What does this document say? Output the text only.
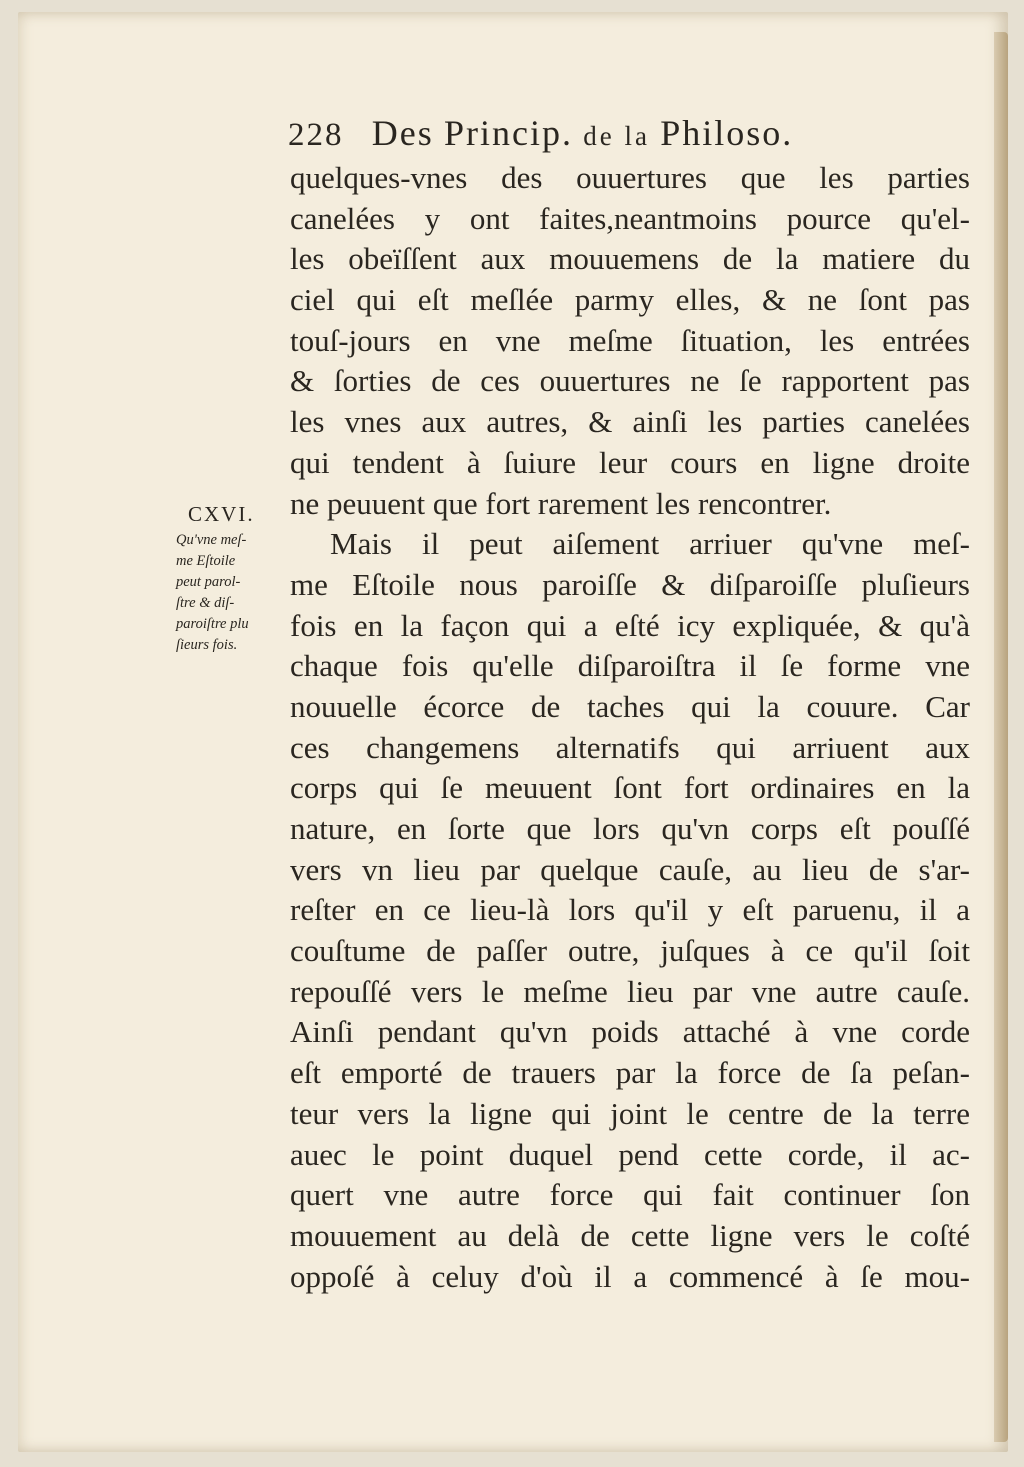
228 Des Princip. de la Philoso.
CXVI.
Qu'vne meſ-
me Eſtoile
peut parol-
ſtre & diſ-
paroiſtre plu
ſieurs fois.
quelques-vnes des ouuertures que les parties
canelées y ont faites,neantmoins pource qu'el-
les obeïſſent aux mouuemens de la matiere du
ciel qui eſt meſlée parmy elles, & ne ſont pas
touſ-jours en vne meſme ſituation, les entrées
& ſorties de ces ouuertures ne ſe rapportent pas
les vnes aux autres, & ainſi les parties canelées
qui tendent à ſuiure leur cours en ligne droite
ne peuuent que fort rarement les rencontrer.
Mais il peut aiſement arriuer qu'vne meſ-
me Eſtoile nous paroiſſe & diſparoiſſe pluſieurs
fois en la façon qui a eſté icy expliquée, & qu'à
chaque fois qu'elle diſparoiſtra il ſe forme vne
nouuelle écorce de taches qui la couure. Car
ces changemens alternatifs qui arriuent aux
corps qui ſe meuuent ſont fort ordinaires en la
nature, en ſorte que lors qu'vn corps eſt pouſſé
vers vn lieu par quelque cauſe, au lieu de s'ar-
reſter en ce lieu-là lors qu'il y eſt paruenu, il a
couſtume de paſſer outre, juſques à ce qu'il ſoit
repouſſé vers le meſme lieu par vne autre cauſe.
Ainſi pendant qu'vn poids attaché à vne corde
eſt emporté de trauers par la force de ſa peſan-
teur vers la ligne qui joint le centre de la terre
auec le point duquel pend cette corde, il ac-
quert vne autre force qui fait continuer ſon
mouuement au delà de cette ligne vers le coſté
oppoſé à celuy d'où il a commencé à ſe mou-
